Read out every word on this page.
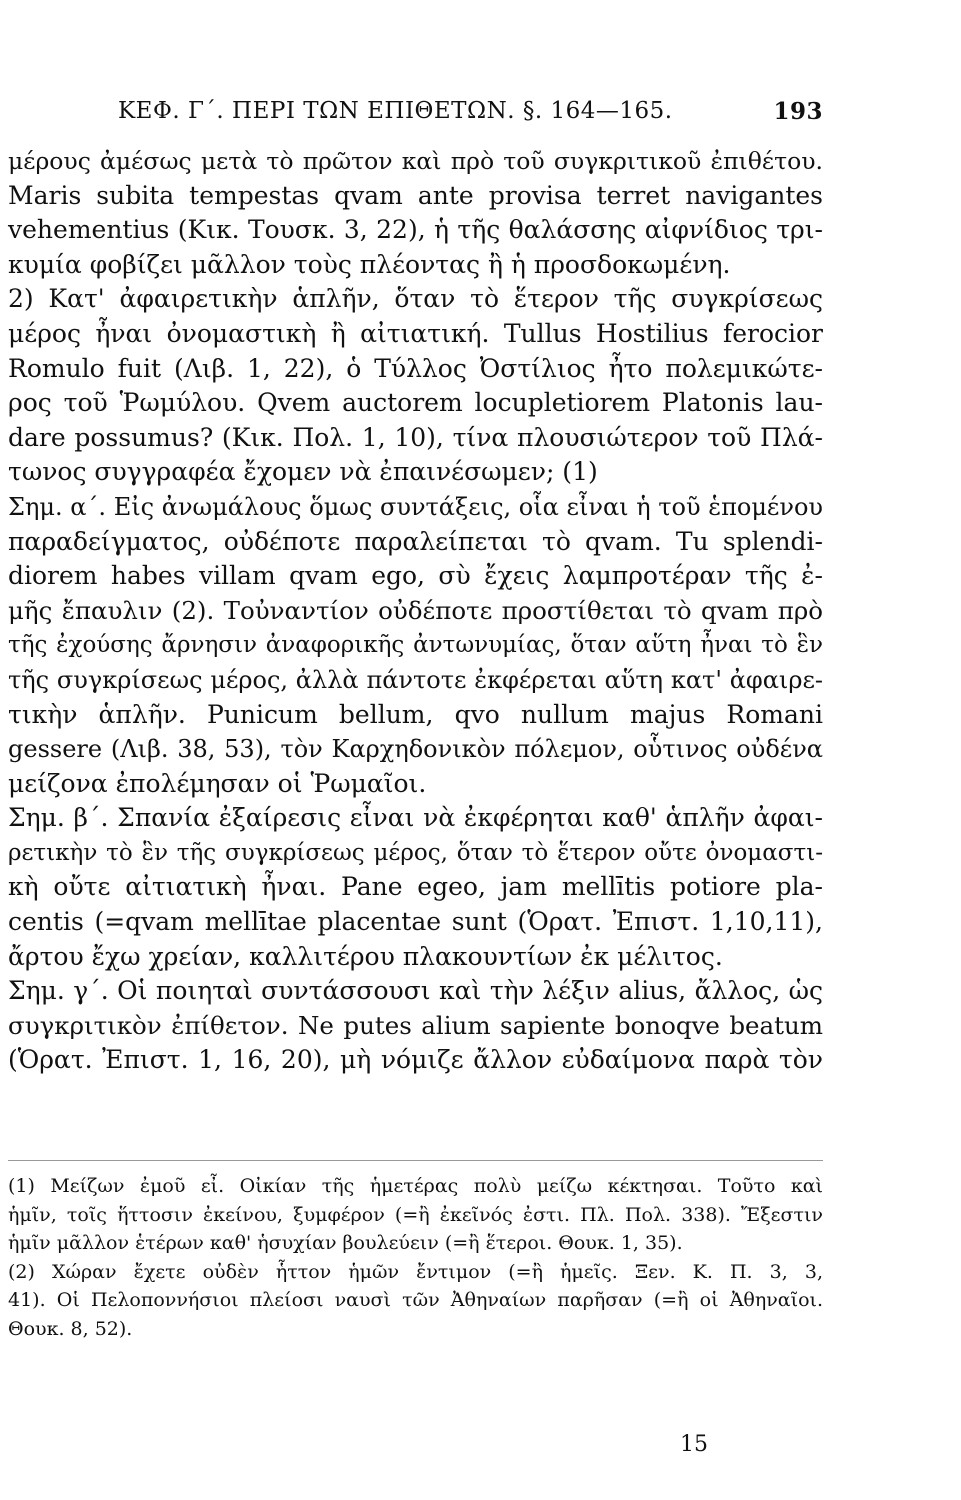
ΚΕΦ. Γ΄. ΠΕΡΙ ΤΩΝ ΕΠΙΘΕΤΩΝ. §. 164—165.	193

μέρους ἀμέσως μετὰ τὸ πρῶτον καὶ πρὸ τοῦ συγκριτικοῦ ἐπιθέτου.

Maris subita tempestas qvam ante provisa terret navigantes

vehementius (Κικ. Τουσκ. 3, 22), ἡ τῆς θαλάσσης αἰφνίδιος τρι-

κυμία φοβίζει μᾶλλον τοὺς πλέοντας ἢ ἡ προσδοκωμένη.

2) Κατ' ἀφαιρετικὴν ἁπλῆν, ὅταν τὸ ἕτερον τῆς συγκρίσεως

μέρος ἦναι ὀνομαστικὴ ἢ αἰτιατική. Tullus Hostilius ferocior

Romulo fuit (Λιβ. 1, 22), ὁ Τύλλος Ὀστίλιος ἦτο πολεμικώτε-

ρος τοῦ Ῥωμύλου. Qvem auctorem locupletiorem Platonis lau-

dare possumus? (Κικ. Πολ. 1, 10), τίνα πλουσιώτερον τοῦ Πλά-

τωνος συγγραφέα ἔχομεν νὰ ἐπαινέσωμεν; (1)

Σημ. α΄. Εἰς ἀνωμάλους ὅμως συντάξεις, οἷα εἶναι ἡ τοῦ ἑπομένου

παραδείγματος, οὐδέποτε παραλείπεται τὸ qvam. Tu splendi-

diorem habes villam qvam ego, σὺ ἔχεις λαμπροτέραν τῆς ἐ-

μῆς ἔπαυλιν (2). Τοὐναντίον οὐδέποτε προστίθεται τὸ qvam πρὸ

τῆς ἐχούσης ἄρνησιν ἀναφορικῆς ἀντωνυμίας, ὅταν αὕτη ἦναι τὸ ἓν

τῆς συγκρίσεως μέρος, ἀλλὰ πάντοτε ἐκφέρεται αὕτη κατ' ἀφαιρε-

τικὴν ἁπλῆν. Punicum bellum, qvo nullum majus Romani

gessere (Λιβ. 38, 53), τὸν Καρχηδονικὸν πόλεμον, οὗτινος οὐδένα

μείζονα ἐπολέμησαν οἱ Ῥωμαῖοι.

Σημ. β΄. Σπανία ἐξαίρεσις εἶναι νὰ ἐκφέρηται καθ' ἁπλῆν ἀφαι-

ρετικὴν τὸ ἓν τῆς συγκρίσεως μέρος, ὅταν τὸ ἕτερον οὔτε ὀνομαστι-

κὴ οὔτε αἰτιατικὴ ἦναι. Pane egeo, jam mellītis potiore pla-

centis (=qvam mellītae placentae sunt (Ὁρατ. Ἐπιστ. 1,10,11),

ἄρτου ἔχω χρείαν, καλλιτέρου πλακουντίων ἐκ μέλιτος.

Σημ. γ΄. Οἱ ποιηταὶ συντάσσουσι καὶ τὴν λέξιν alius, ἄλλος, ὡς

συγκριτικὸν ἐπίθετον. Ne putes alium sapiente bonoqve beatum

(Ὁρατ. Ἐπιστ. 1, 16, 20), μὴ νόμιζε ἄλλον εὐδαίμονα παρὰ τὸν

(1) Μείζων ἐμοῦ εἶ. Οἰκίαν τῆς ἡμετέρας πολὺ μείζω κέκτησαι. Τοῦτο καὶ

ἡμῖν, τοῖς ἥττοσιν ἐκείνου, ξυμφέρον (=ἢ ἐκεῖνός ἐστι. Πλ. Πολ. 338). Ἔξεστιν

ἡμῖν μᾶλλον ἑτέρων καθ' ἡσυχίαν βουλεύειν (=ἢ ἕτεροι. Θουκ. 1, 35).

(2) Χώραν ἔχετε οὐδὲν ἧττον ἡμῶν ἔντιμον (=ἢ ἡμεῖς. Ξεν. Κ. Π. 3, 3,

41). Οἱ Πελοποννήσιοι πλείοσι ναυσὶ τῶν Ἀθηναίων παρῆσαν (=ἢ οἱ Ἀθηναῖοι.

Θουκ. 8, 52).

15
